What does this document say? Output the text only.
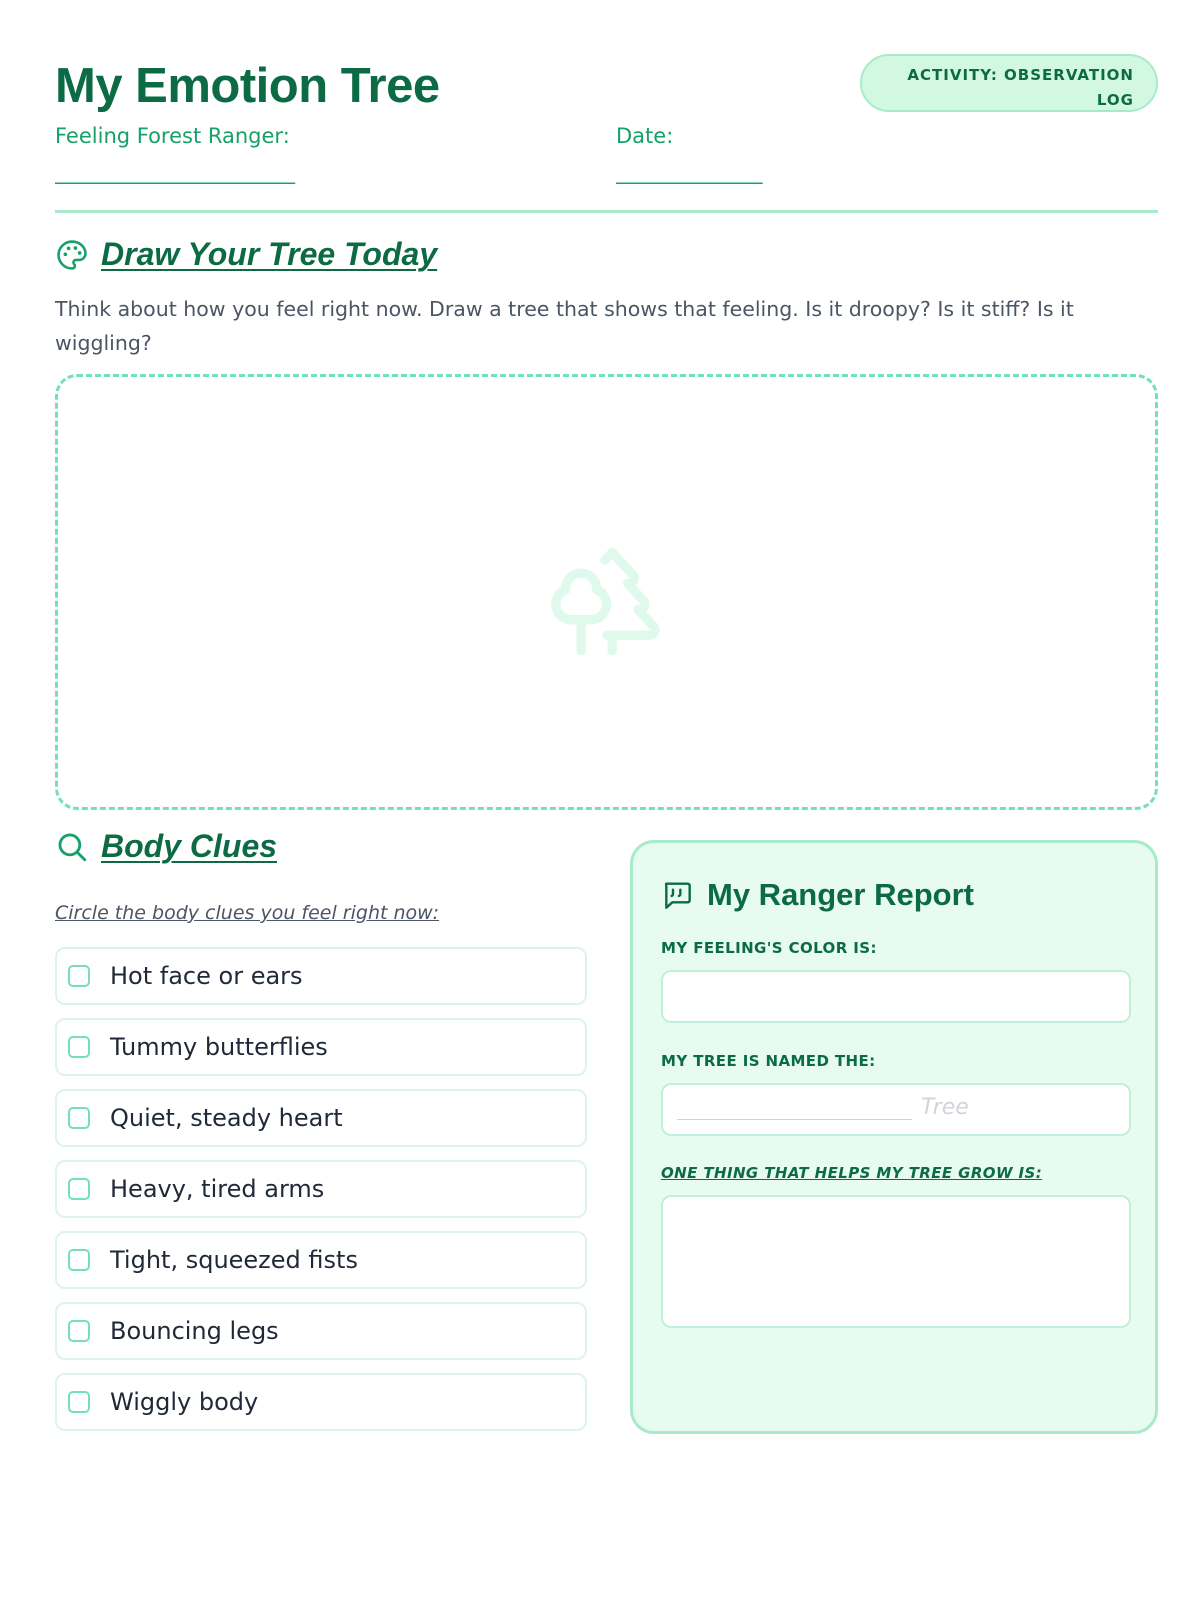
My Emotion Tree	ACTIVITY: OBSERVATION
LOG
Feeling Forest Ranger:
____________________________
Date:
_________________
Draw Your Tree Today

Think about how you feel right now. Draw a tree that shows that feeling. Is it droopy? Is it stiff? Is it wiggling?

Body Clues
Circle the body clues you feel right now:
Hot face or ears
Tummy butterflies
Quiet, steady heart
Heavy, tired arms
Tight, squeezed fists
Bouncing legs
Wiggly body
My Ranger Report
MY FEELING'S COLOR IS:
MY TREE IS NAMED THE:
Tree
ONE THING THAT HELPS MY TREE GROW IS:
